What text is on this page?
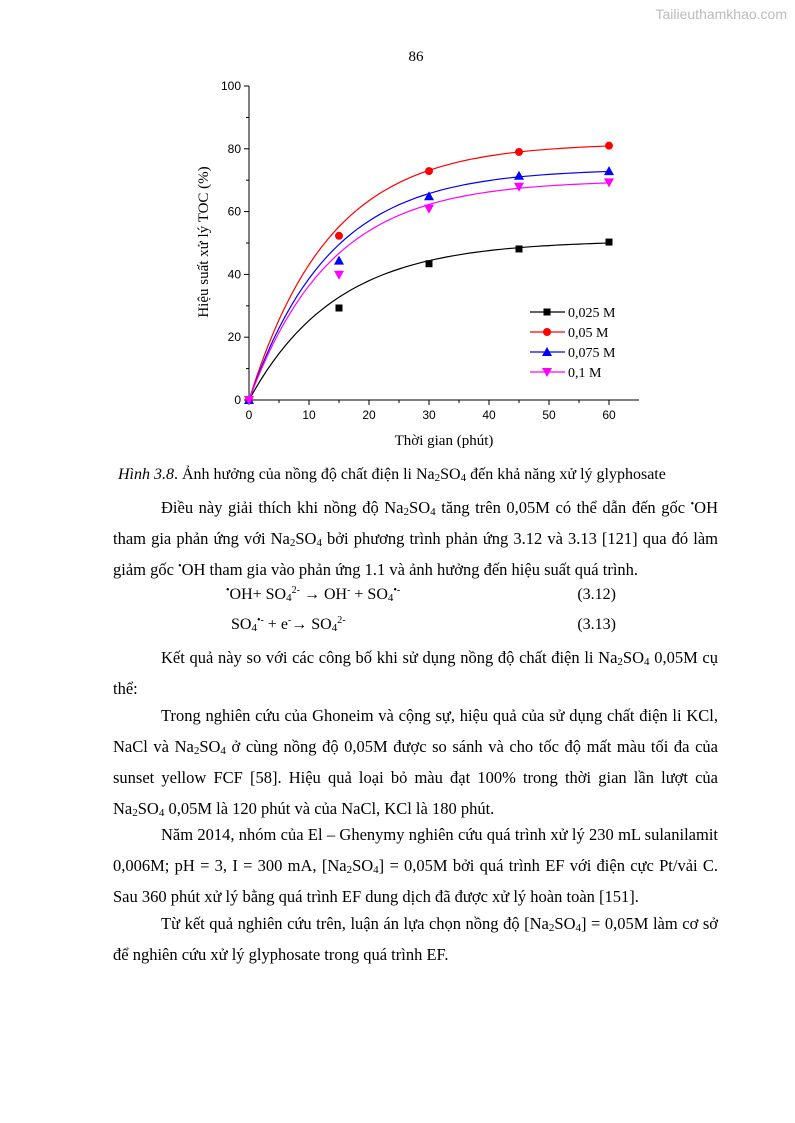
Tailieuthamkhao.com
86
0	10	20	30	40	50	60
0
20
40
60
80
100
0,025 M
0,05 M
0,075 M
0,1 M
Thời gian (phút)
Hiệu suất xử lý TOC (%)
Hình 3.8. Ảnh hưởng của nồng độ chất điện li Na2SO4 đến khả năng xử lý glyphosate

Điều này giải thích khi nồng độ Na2SO4 tăng trên 0,05M có thể dẫn đến gốc •OH tham gia phản ứng với Na2SO4 bởi phương trình phản ứng 3.12 và 3.13 [121] qua đó làm giảm gốc •OH tham gia vào phản ứng 1.1 và ảnh hưởng đến hiệu suất quá trình.

$^•OH+ SO4^{2-} \to OH^- + SO4^{•-}$	(3.12)
$SO4^{•-} + e^-\to SO4^{2-}$	(3.13)

Kết quả này so với các công bố khi sử dụng nồng độ chất điện li Na2SO4 0,05M cụ thể:

Trong nghiên cứu của Ghoneim và cộng sự, hiệu quả của sử dụng chất điện li KCl, NaCl và Na2SO4 ở cùng nồng độ 0,05M được so sánh và cho tốc độ mất màu tối đa của sunset yellow FCF [58]. Hiệu quả loại bỏ màu đạt 100% trong thời gian lần lượt của Na2SO4 0,05M là 120 phút và của NaCl, KCl là 180 phút.

Năm 2014, nhóm của El – Ghenymy nghiên cứu quá trình xử lý 230 mL sulanilamit 0,006M; pH = 3, I = 300 mA, [Na2SO4] = 0,05M bởi quá trình EF với điện cực Pt/vải C. Sau 360 phút xử lý bằng quá trình EF dung dịch đã được xử lý hoàn toàn [151].

Từ kết quả nghiên cứu trên, luận án lựa chọn nồng độ [Na2SO4] = 0,05M làm cơ sở để nghiên cứu xử lý glyphosate trong quá trình EF.
